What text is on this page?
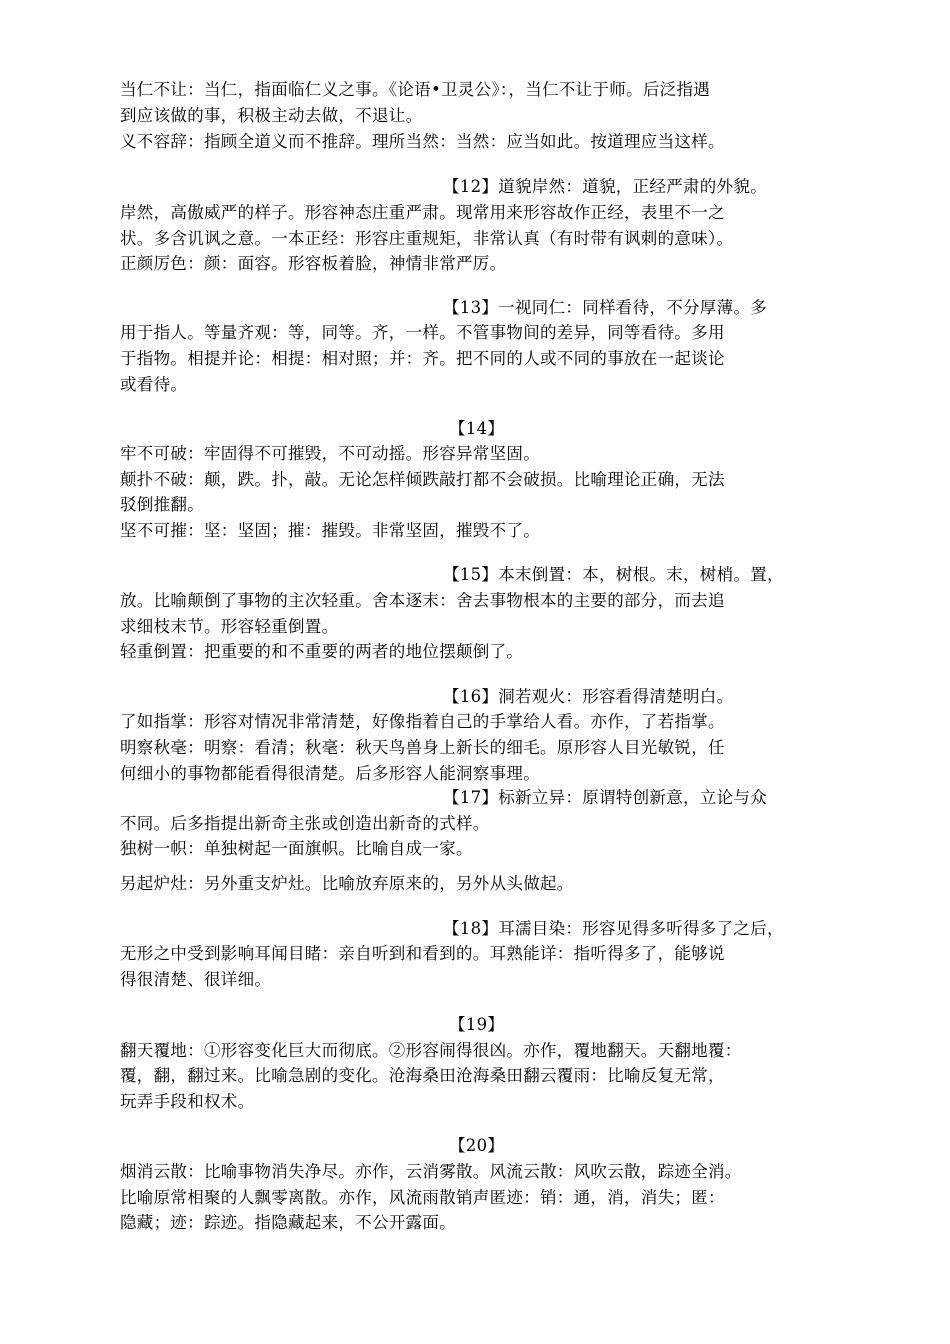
当仁不让：当仁，指面临仁义之事。《论语•卫灵公》：，当仁不让于师。后泛指遇
到应该做的事，积极主动去做，不退让。
义不容辞：指顾全道义而不推辞。理所当然：当然：应当如此。按道理应当这样。
【12】道貌岸然：道貌，正经严肃的外貌。
岸然，高傲威严的样子。形容神态庄重严肃。现常用来形容故作正经，表里不一之
状。多含讥讽之意。一本正经：形容庄重规矩，非常认真（有时带有讽刺的意味）。
正颜厉色：颜：面容。形容板着脸，神情非常严厉。
【13】一视同仁：同样看待，不分厚薄。多
用于指人。等量齐观：等，同等。齐，一样。不管事物间的差异，同等看待。多用
于指物。相提并论：相提：相对照；并：齐。把不同的人或不同的事放在一起谈论
或看待。
【14】
牢不可破：牢固得不可摧毁，不可动摇。形容异常坚固。
颠扑不破：颠，跌。扑，敲。无论怎样倾跌敲打都不会破损。比喻理论正确，无法
驳倒推翻。
坚不可摧：坚：坚固；摧：摧毁。非常坚固，摧毁不了。
【15】本末倒置：本，树根。末，树梢。置，
放。比喻颠倒了事物的主次轻重。舍本逐末：舍去事物根本的主要的部分，而去追
求细枝末节。形容轻重倒置。
轻重倒置：把重要的和不重要的两者的地位摆颠倒了。
【16】洞若观火：形容看得清楚明白。
了如指掌：形容对情况非常清楚，好像指着自己的手掌给人看。亦作，了若指掌。
明察秋毫：明察：看清；秋毫：秋天鸟兽身上新长的细毛。原形容人目光敏锐，任
何细小的事物都能看得很清楚。后多形容人能洞察事理。
【17】标新立异：原谓特创新意，立论与众
不同。后多指提出新奇主张或创造出新奇的式样。
独树一帜：单独树起一面旗帜。比喻自成一家。
另起炉灶：另外重支炉灶。比喻放弃原来的，另外从头做起。
【18】耳濡目染：形容见得多听得多了之后，
无形之中受到影响耳闻目睹：亲自听到和看到的。耳熟能详：指听得多了，能够说
得很清楚、很详细。
【19】
翻天覆地：①形容变化巨大而彻底。②形容闹得很凶。亦作，覆地翻天。天翻地覆：
覆，翻，翻过来。比喻急剧的变化。沧海桑田沧海桑田翻云覆雨：比喻反复无常，
玩弄手段和权术。
【20】
烟消云散：比喻事物消失净尽。亦作，云消雾散。风流云散：风吹云散，踪迹全消。
比喻原常相聚的人飘零离散。亦作，风流雨散销声匿迹：销：通，消，消失；匿：
隐藏；迹：踪迹。指隐藏起来，不公开露面。
